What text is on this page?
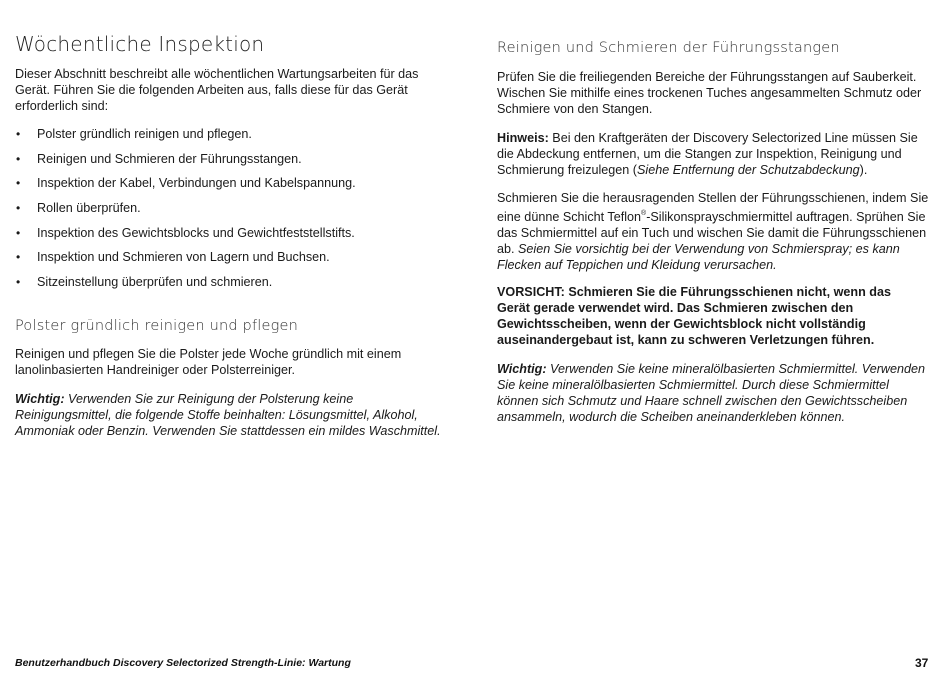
Wöchentliche Inspektion

Dieser Abschnitt beschreibt alle wöchentlichen Wartungsarbeiten für das Gerät. Führen Sie die folgenden Arbeiten aus, falls diese für das Gerät erforderlich sind:

• Polster gründlich reinigen und pflegen.
• Reinigen und Schmieren der Führungsstangen.
• Inspektion der Kabel, Verbindungen und Kabelspannung.
• Rollen überprüfen.
• Inspektion des Gewichtsblocks und Gewichtfeststellstifts.
• Inspektion und Schmieren von Lagern und Buchsen.
• Sitzeinstellung überprüfen und schmieren.
Polster gründlich reinigen und pflegen

Reinigen und pflegen Sie die Polster jede Woche gründlich mit einem lanolinbasierten Handreiniger oder Polsterreiniger.

Wichtig: Verwenden Sie zur Reinigung der Polsterung keine Reinigungsmittel, die folgende Stoffe beinhalten: Lösungsmittel, Alkohol, Ammoniak oder Benzin. Verwenden Sie stattdessen ein mildes Waschmittel.

Reinigen und Schmieren der Führungsstangen

Prüfen Sie die freiliegenden Bereiche der Führungsstangen auf Sauberkeit. Wischen Sie mithilfe eines trockenen Tuches angesammelten Schmutz oder Schmiere von den Stangen.

Hinweis: Bei den Kraftgeräten der Discovery Selectorized Line müssen Sie die Abdeckung entfernen, um die Stangen zur Inspektion, Reinigung und Schmierung freizulegen (Siehe Entfernung der Schutzabdeckung).

Schmieren Sie die herausragenden Stellen der Führungsschienen, indem Sie eine dünne Schicht Teflon®-Silikonsprayschmiermittel auftragen. Sprühen Sie das Schmiermittel auf ein Tuch und wischen Sie damit die Führungsschienen ab. Seien Sie vorsichtig bei der Verwendung von Schmierspray; es kann Flecken auf Teppichen und Kleidung verursachen.

VORSICHT: Schmieren Sie die Führungsschienen nicht, wenn das Gerät gerade verwendet wird. Das Schmieren zwischen den Gewichtsscheiben, wenn der Gewichtsblock nicht vollständig auseinandergebaut ist, kann zu schweren Verletzungen führen.

Wichtig: Verwenden Sie keine mineralölbasierten Schmiermittel. Verwenden Sie keine mineralölbasierten Schmiermittel. Durch diese Schmiermittel können sich Schmutz und Haare schnell zwischen den Gewichtsscheiben ansammeln, wodurch die Scheiben aneinanderkleben können.

Benutzerhandbuch Discovery Selectorized Strength-Linie: Wartung	37
